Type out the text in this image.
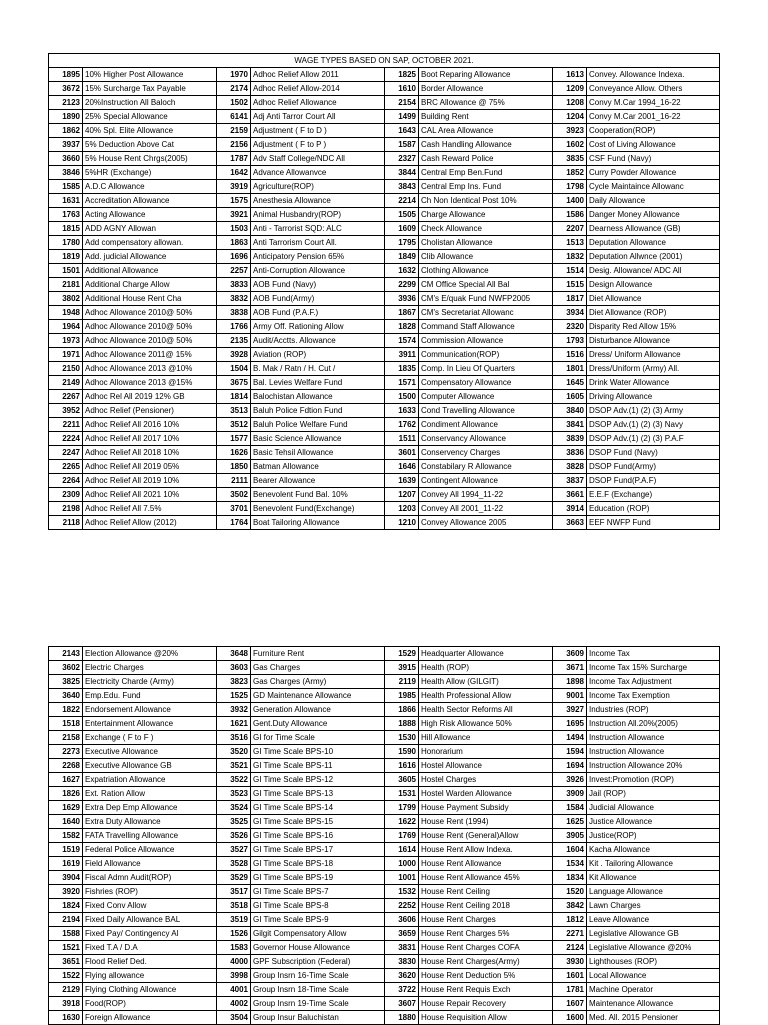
WAGE TYPES BASED ON SAP, OCTOBER 2021.							
1895	10% Higher Post Allowance	1970	Adhoc Relief Allow 2011	1825	Boot Reparing Allowance	1613	Convey. Allowance Indexa.
3672	15% Surcharge Tax Payable	2174	Adhoc Relief Allow-2014	1610	Border Allowance	1209	Conveyance Allow. Others
2123	20%Instruction All Baloch	1502	Adhoc Relief Allowance	2154	BRC Allowance @ 75%	1208	Convy M.Car 1994_16-22
1890	25% Special Allowance	6141	Adj Anti Tarror Court All	1499	Building Rent	1204	Convy M.Car 2001_16-22
1862	40% Spl. Elite Allowance	2159	Adjustment ( F to D )	1643	CAL Area Allowance	3923	Cooperation(ROP)
3937	5% Deduction Above Cat	2156	Adjustment ( F to P )	1587	Cash Handling Allowance	1602	Cost of Living Allowance
3660	5% House Rent Chrgs(2005)	1787	Adv Staff College/NDC All	2327	Cash Reward Police	3835	CSF Fund (Navy)
3846	5%HR (Exchange)	1642	Advance Allowanvce	3844	Central Emp Ben.Fund	1852	Curry Powder Allowance
1585	A.D.C Allowance	3919	Agriculture(ROP)	3843	Central Emp Ins. Fund	1798	Cycle Maintaince Allowanc
1631	Accreditation Allowance	1575	Anesthesia Allowance	2214	Ch Non Identical Post 10%	1400	Daily Allowance
1763	Acting Allowance	3921	Animal Husbandry(ROP)	1505	Charge Allowance	1586	Danger Money Allowance
1815	ADD AGNY Allowan	1503	Anti - Tarrorist SQD: ALC	1609	Check Allowance	2207	Dearness Allowance (GB)
1780	Add compensatory allowan.	1863	Anti Tarrorism Court All.	1795	Cholistan Allowance	1513	Deputation Allowance
1819	Add. judicial Allowance	1696	Anticipatory Pension 65%	1849	Clib Allowance	1832	Deputation Allwnce (2001)
1501	Additional Allowance	2257	Anti-Corruption Allowance	1632	Clothing Allowance	1514	Desig. Allowance/ ADC All
2181	Additional Charge Allow	3833	AOB Fund (Navy)	2299	CM Office Special All Bal	1515	Design Allowance
3802	Additional House Rent Cha	3832	AOB Fund(Army)	3936	CM's E/quak Fund NWFP2005	1817	Diet Allowance
1948	Adhoc Allowance 2010@ 50%	3838	AOB Fund (P.A.F.)	1867	CM's Secretariat Allowanc	3934	Diet Allowance (ROP)
1964	Adhoc Allowance 2010@ 50%	1766	Army Off. Rationing Allow	1828	Command Staff Allowance	2320	Disparity Red Allow 15%
1973	Adhoc Allowance 2010@ 50%	2135	Audit/Acctts. Allowance	1574	Commission Allowance	1793	Disturbance Allowance
1971	Adhoc Allowance 2011@ 15%	3928	Aviation (ROP)	3911	Communication(ROP)	1516	Dress/ Uniform Allowance
2150	Adhoc Allowance 2013 @10%	1504	B. Mak / Ratn / H. Cut /	1835	Comp. In Lieu Of Quarters	1801	Dress/Uniform (Army) All.
2149	Adhoc Allowance 2013 @15%	3675	Bal. Levies Welfare Fund	1571	Compensatory Allowance	1645	Drink Water Allowance
2267	Adhoc Rel All 2019 12% GB	1814	Balochistan Allowance	1500	Computer Allowance	1605	Driving Allowance
3952	Adhoc Relief (Pensioner)	3513	Baluh Police Fdtion Fund	1633	Cond Travelling Allowance	3840	DSOP Adv.(1) (2) (3) Army
2211	Adhoc Relief All 2016 10%	3512	Baluh Police Welfare Fund	1762	Condiment Allowance	3841	DSOP Adv.(1) (2) (3) Navy
2224	Adhoc Relief All 2017 10%	1577	Basic Science Allowance	1511	Conservancy Allowance	3839	DSOP Adv.(1) (2) (3) P.A.F
2247	Adhoc Relief All 2018 10%	1626	Basic Tehsil Allowance	3601	Conservency Charges	3836	DSOP Fund (Navy)
2265	Adhoc Relief All 2019 05%	1850	Batman Allowance	1646	Constabilary R Allowance	3828	DSOP Fund(Army)
2264	Adhoc Relief All 2019 10%	2111	Bearer Allowance	1639	Contingent Allowance	3837	DSOP Fund(P.A.F)
2309	Adhoc Relief All 2021 10%	3502	Benevolent Fund Bal. 10%	1207	Convey All 1994_11-22	3661	E.E.F (Exchange)
2198	Adhoc Relief All 7.5%	3701	Benevolent Fund(Exchange)	1203	Convey All 2001_11-22	3914	Education (ROP)
2118	Adhoc Relief Allow (2012)	1764	Boat Tailoring Allowance	1210	Convey Allowance 2005	3663	EEF NWFP Fund
2143	Election Allowance @20%	3648	Furniture Rent	1529	Headquarter Allowance	3609	Income Tax
3602	Electric Charges	3603	Gas Charges	3915	Health (ROP)	3671	Income Tax 15% Surcharge
3825	Electricity Charde (Army)	3823	Gas Charges (Army)	2119	Health Allow (GILGIT)	1898	Income Tax Adjustment
3640	Emp.Edu. Fund	1525	GD Maintenance Allowance	1985	Health Professional Allow	9001	Income Tax Exemption
1822	Endorsement Allowance	3932	Generation Allowance	1866	Health Sector Reforms All	3927	Industries (ROP)
1518	Entertainment Allowance	1621	Gent.Duty Allowance	1888	High Risk Allowance 50%	1695	Instruction All.20%(2005)
2158	Exchange ( F to F )	3516	GI for Time Scale	1530	Hill Allowance	1494	Instruction Allowance
2273	Executive Allowance	3520	GI Time Scale BPS-10	1590	Honorarium	1594	Instruction Allowance
2268	Executive Allowance GB	3521	GI Time Scale BPS-11	1616	Hostel Allowance	1694	Instruction Allowance 20%
1627	Expatriation Allowance	3522	GI Time Scale BPS-12	3605	Hostel Charges	3926	Invest:Promotion (ROP)
1826	Ext. Ration Allow	3523	GI Time Scale BPS-13	1531	Hostel Warden Allowance	3909	Jail (ROP)
1629	Extra Dep Emp Allowance	3524	GI Time Scale BPS-14	1799	House Payment Subsidy	1584	Judicial Allowance
1640	Extra Duty Allowance	3525	GI Time Scale BPS-15	1622	House Rent (1994)	1625	Justice Allowance
1582	FATA Travelling Allowance	3526	GI Time Scale BPS-16	1769	House Rent (General)Allow	3905	Justice(ROP)
1519	Federal Police Allowance	3527	GI Time Scale BPS-17	1614	House Rent Allow Indexa.	1604	Kacha Allowance
1619	Field Allowance	3528	GI Time Scale BPS-18	1000	House Rent Allowance	1534	Kit . Tailoring Allowance
3904	Fiscal Admn Audit(ROP)	3529	GI Time Scale BPS-19	1001	House Rent Allowance 45%	1834	Kit Allowance
3920	Fishries (ROP)	3517	GI Time Scale BPS-7	1532	House Rent Ceiling	1520	Language Allowance
1824	Fixed Conv Allow	3518	GI Time Scale BPS-8	2252	House Rent Ceiling 2018	3842	Lawn Charges
2194	Fixed Daily Allowance BAL	3519	GI Time Scale BPS-9	3606	House Rent Charges	1812	Leave Allowance
1588	Fixed Pay/ Contingency Al	1526	Gilgit Compensatory Allow	3659	House Rent Charges 5%	2271	Legislative Allowance GB
1521	Fixed T.A / D.A	1583	Governor House Allowance	3831	House Rent Charges COFA	2124	Legislative Allowance @20%
3651	Flood Relief Ded.	4000	GPF Subscription (Federal)	3830	House Rent Charges(Army)	3930	Lighthouses (ROP)
1522	Flying allowance	3998	Group Insrn 16-Time Scale	3620	House Rent Deduction 5%	1601	Local Allowance
2129	Flying Clothing Allowance	4001	Group Insrn 18-Time Scale	3722	House Rent Requis Exch	1781	Machine Operator
3918	Food(ROP)	4002	Group Insrn 19-Time Scale	3607	House Repair Recovery	1607	Maintenance Allowance
1630	Foreign Allowance	3504	Group Insur Baluchistan	1880	House Requisition Allow	1600	Med. All. 2015 Pensioner
